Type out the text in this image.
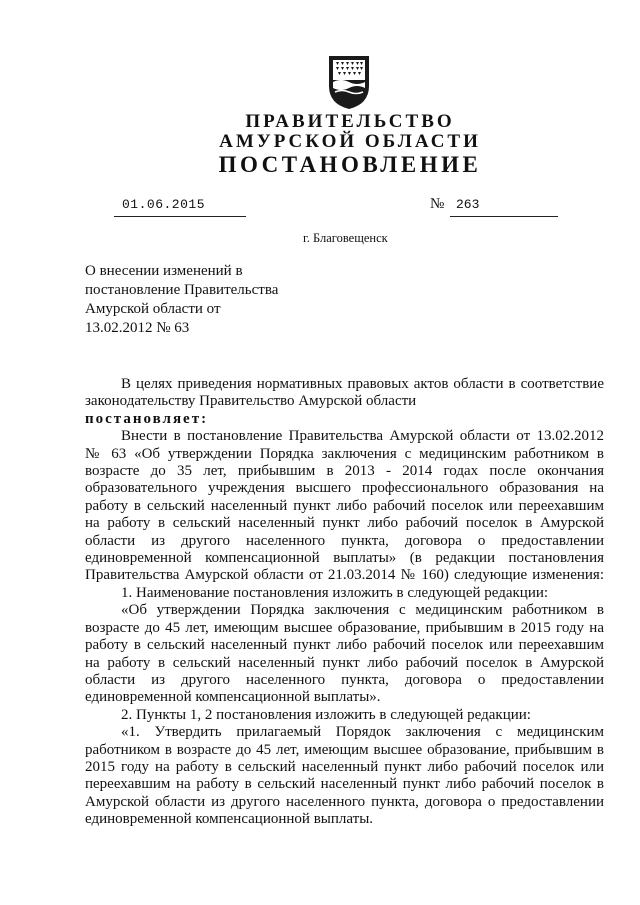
ПРАВИТЕЛЬСТВО
АМУРСКОЙ ОБЛАСТИ
ПОСТАНОВЛЕНИЕ
01.06.2015	№ 263
г. Благовещенск
О внесении изменений в
постановление Правительства
Амурской области от
13.02.2012 № 63
В целях приведения нормативных правовых актов области в соответствие
законодательству Правительство Амурской области
постановляет:
Внести в постановление Правительства Амурской области от 13.02.2012
№ 63 «Об утверждении Порядка заключения с медицинским работником в
возрасте до 35 лет, прибывшим в 2013 - 2014 годах после окончания
образовательного учреждения высшего профессионального образования на
работу в сельский населенный пункт либо рабочий поселок или переехавшим
на работу в сельский населенный пункт либо рабочий поселок в Амурской
области из другого населенного пункта, договора о предоставлении
единовременной компенсационной выплаты» (в редакции постановления
Правительства Амурской области от 21.03.2014 № 160) следующие изменения:
1. Наименование постановления изложить в следующей редакции:
«Об утверждении Порядка заключения с медицинским работником в
возрасте до 45 лет, имеющим высшее образование, прибывшим в 2015 году на
работу в сельский населенный пункт либо рабочий поселок или переехавшим
на работу в сельский населенный пункт либо рабочий поселок в Амурской
области из другого населенного пункта, договора о предоставлении
единовременной компенсационной выплаты».
2. Пункты 1, 2 постановления изложить в следующей редакции:
«1. Утвердить прилагаемый Порядок заключения с медицинским
работником в возрасте до 45 лет, имеющим высшее образование, прибывшим в
2015 году на работу в сельский населенный пункт либо рабочий поселок или
переехавшим на работу в сельский населенный пункт либо рабочий поселок в
Амурской области из другого населенного пункта, договора о предоставлении
единовременной компенсационной выплаты.
